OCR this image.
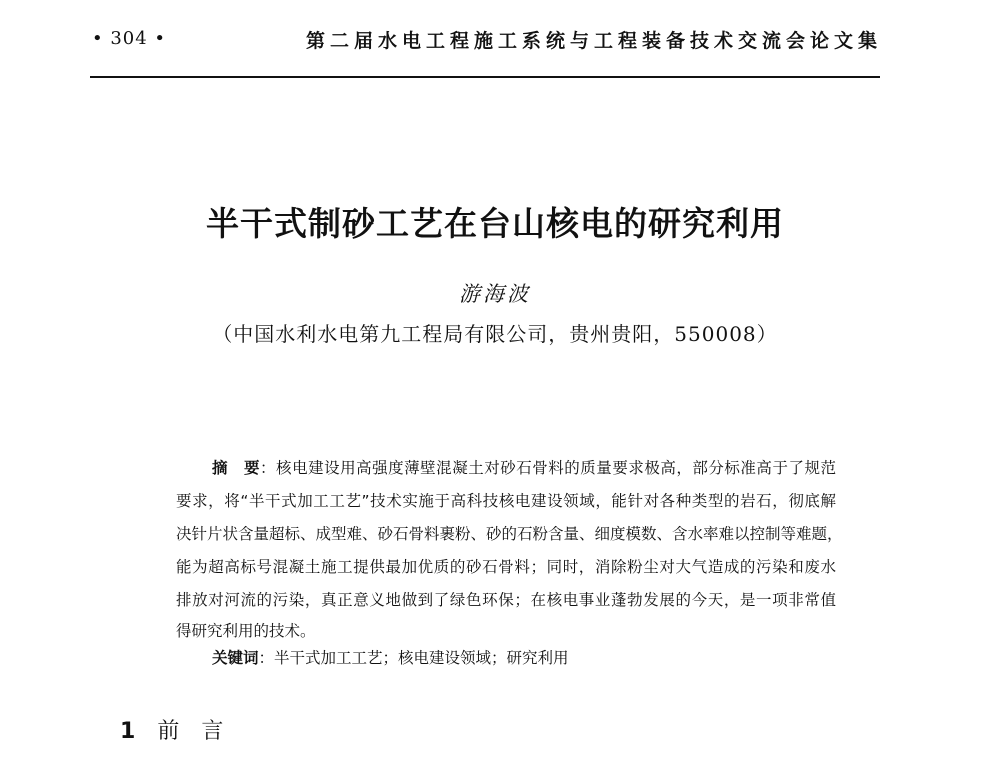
• 304 •	第二届水电工程施工系统与工程装备技术交流会论文集
半干式制砂工艺在台山核电的研究利用
游海波
（中国水利水电第九工程局有限公司，贵州贵阳，550008）
摘　要：核电建设用高强度薄壁混凝土对砂石骨料的质量要求极高，部分标准高于了规范
要求，将“半干式加工工艺”技术实施于高科技核电建设领域，能针对各种类型的岩石，彻底解
决针片状含量超标、成型难、砂石骨料裹粉、砂的石粉含量、细度模数、含水率难以控制等难题，
能为超高标号混凝土施工提供最加优质的砂石骨料；同时，消除粉尘对大气造成的污染和废水
排放对河流的污染，真正意义地做到了绿色环保；在核电事业蓬勃发展的今天，是一项非常值
得研究利用的技术。
关键词：半干式加工工艺；核电建设领域；研究利用
1 前言
